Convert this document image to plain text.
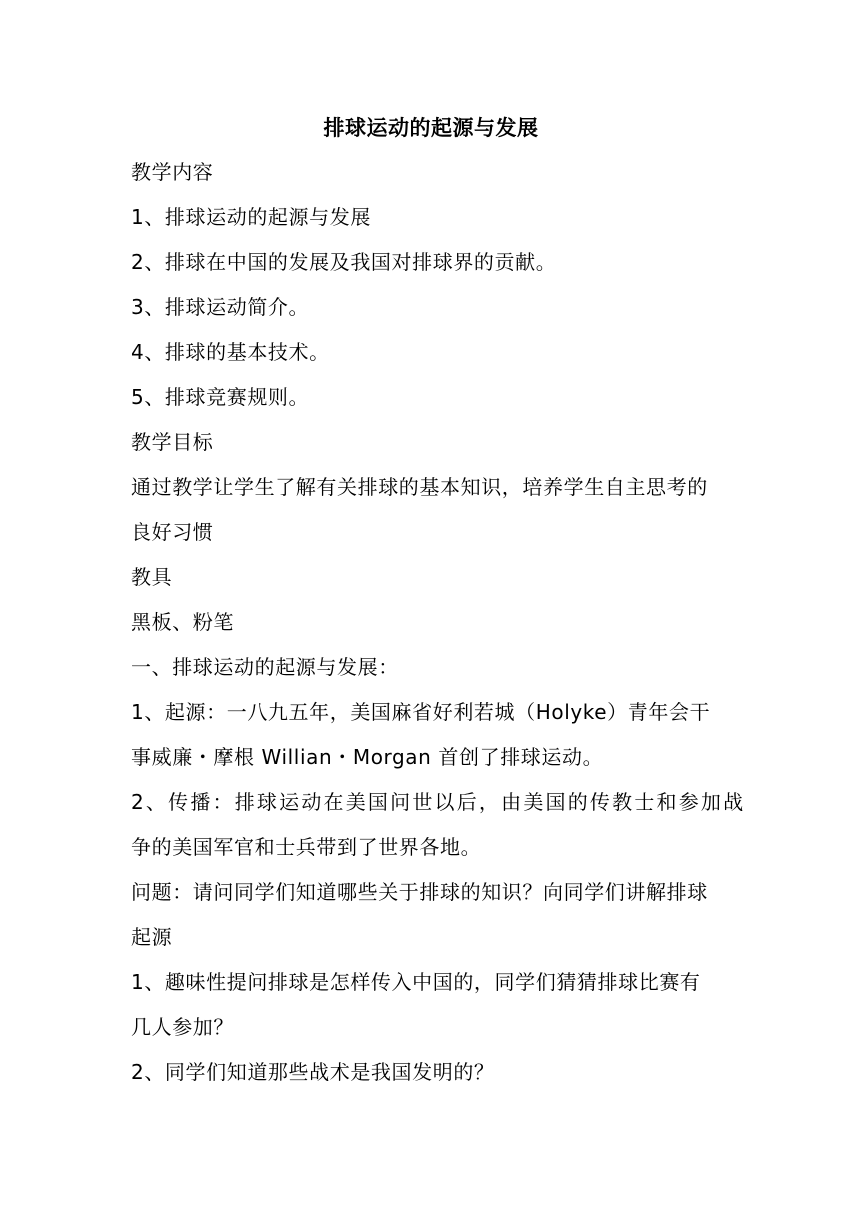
排球运动的起源与发展
教学内容
1、排球运动的起源与发展
2、排球在中国的发展及我国对排球界的贡献。
3、排球运动简介。
4、排球的基本技术。
5、排球竞赛规则。
教学目标
通过教学让学生了解有关排球的基本知识，培养学生自主思考的
良好习惯
教具
黑板、粉笔
一、排球运动的起源与发展：
1、起源：一八九五年，美国麻省好利若城（Holyke）青年会干
事威廉・摩根 Willian・Morgan 首创了排球运动。
2、传播：排球运动在美国问世以后，由美国的传教士和参加战
争的美国军官和士兵带到了世界各地。
问题：请问同学们知道哪些关于排球的知识？向同学们讲解排球
起源
1、趣味性提问排球是怎样传入中国的，同学们猜猜排球比赛有
几人参加？
2、同学们知道那些战术是我国发明的？
